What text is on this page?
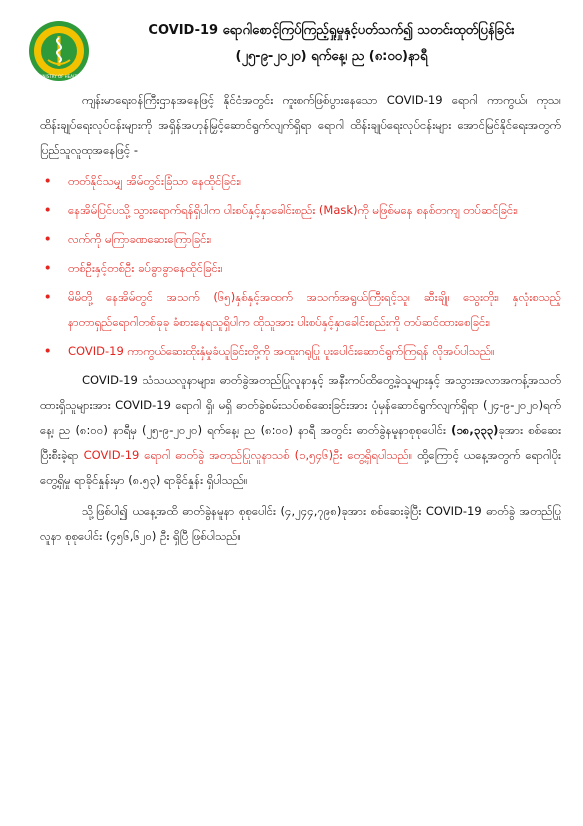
MINISTRY OF HEALTH
COVID-19 ရောဂါစောင့်ကြပ်ကြည့်ရှုမှုနှင့်ပတ်သက်၍ သတင်းထုတ်ပြန်ခြင်း
(၂၅-၉-၂၀၂၀) ရက်နေ့၊ ည (၈:၀၀)နာရီ

ကျန်းမာရေးဝန်ကြီးဌာနအနေဖြင့် နိုင်ငံအတွင်း ကူးစက်ဖြစ်ပွားနေသော COVID-19 ရောဂါ ကာကွယ်၊ ကုသ၊ ထိန်းချုပ်ရေးလုပ်ငန်းများကို အရှိန်အဟုန်မြှင့်ဆောင်ရွက်လျက်ရှိရာ ရောဂါ ထိန်းချုပ်ရေးလုပ်ငန်းများ အောင်မြင်နိုင်ရေးအတွက် ပြည်သူလူထုအနေဖြင့် -

• တတ်နိုင်သမျှ အိမ်တွင်းခြံသာ နေထိုင်ခြင်း၊
• နေအိမ်ပြင်ပသို့ သွားရောက်ရန်ရှိပါက ပါးစပ်နှင့်နှာခေါင်းစည်း (Mask)ကို မဖြစ်မနေ စနစ်တကျ တပ်ဆင်ခြင်း၊
• လက်ကို မကြာခဏဆေးကြောခြင်း၊
• တစ်ဦးနှင့်တစ်ဦး ခပ်ခွာခွာနေထိုင်ခြင်း၊
• မိမိတို့ နေအိမ်တွင် အသက် (၆၅)နှစ်နှင့်အထက် အသက်အရွယ်ကြီးရင့်သူ၊ ဆီးချို၊ သွေးတိုး၊ နှလုံးစသည့် နာတာရှည်ရောဂါတစ်ခုခု ခံစားနေရသူရှိပါက ထိုသူအား ပါးစပ်နှင့်နှာခေါင်းစည်းကို တပ်ဆင်ထားစေခြင်း၊
• COVID-19 ကာကွယ်ဆေးထိုးနှံမှုခံယူခြင်းတို့ကို အထူးဂရုပြု ပူးပေါင်းဆောင်ရွက်ကြရန် လိုအပ်ပါသည်။

COVID-19 သံသယလူနာများ၊ ဓာတ်ခွဲအတည်ပြုလူနာနှင့် အနီးကပ်ထိတွေ့ခဲ့သူများနှင့် အသွားအလာအကန့်အသတ်ထားရှိသူများအား COVID-19 ရောဂါ ရှိ၊ မရှိ ဓာတ်ခွဲစမ်းသပ်စစ်ဆေးခြင်းအား ပုံမှန်ဆောင်ရွက်လျက်ရှိရာ (၂၄-၉-၂၀၂၀)ရက်နေ့၊ ည (၈:၀၀) နာရီမှ (၂၅-၉-၂၀၂၀) ရက်နေ့၊ ည (၈:၀၀) နာရီ အတွင်း ဓာတ်ခွဲနမူနာစုစုပေါင်း (၁၈,၃၃၃)ခုအား စစ်ဆေးပြီးစီးခဲ့ရာ COVID-19 ရောဂါ ဓာတ်ခွဲ အတည်ပြုလူနာသစ် (၁,၅၄၆)ဦး တွေ့ရှိရပါသည်။ ထို့ကြောင့် ယနေ့အတွက် ရောဂါပိုးတွေ့ရှိမှု ရာခိုင်နှုန်းမှာ (၈.၅၃) ရာခိုင်နှုန်း ရှိပါသည်။

သို့ဖြစ်ပါ၍ ယနေ့အထိ ဓာတ်ခွဲနမူနာ စုစုပေါင်း (၄,၂၄၄,၇၉၈)ခုအား စစ်ဆေးခဲ့ပြီး COVID-19 ဓာတ်ခွဲ အတည်ပြုလူနာ စုစုပေါင်း (၄၅၆,၆၂၀) ဦး ရှိပြီ ဖြစ်ပါသည်။
